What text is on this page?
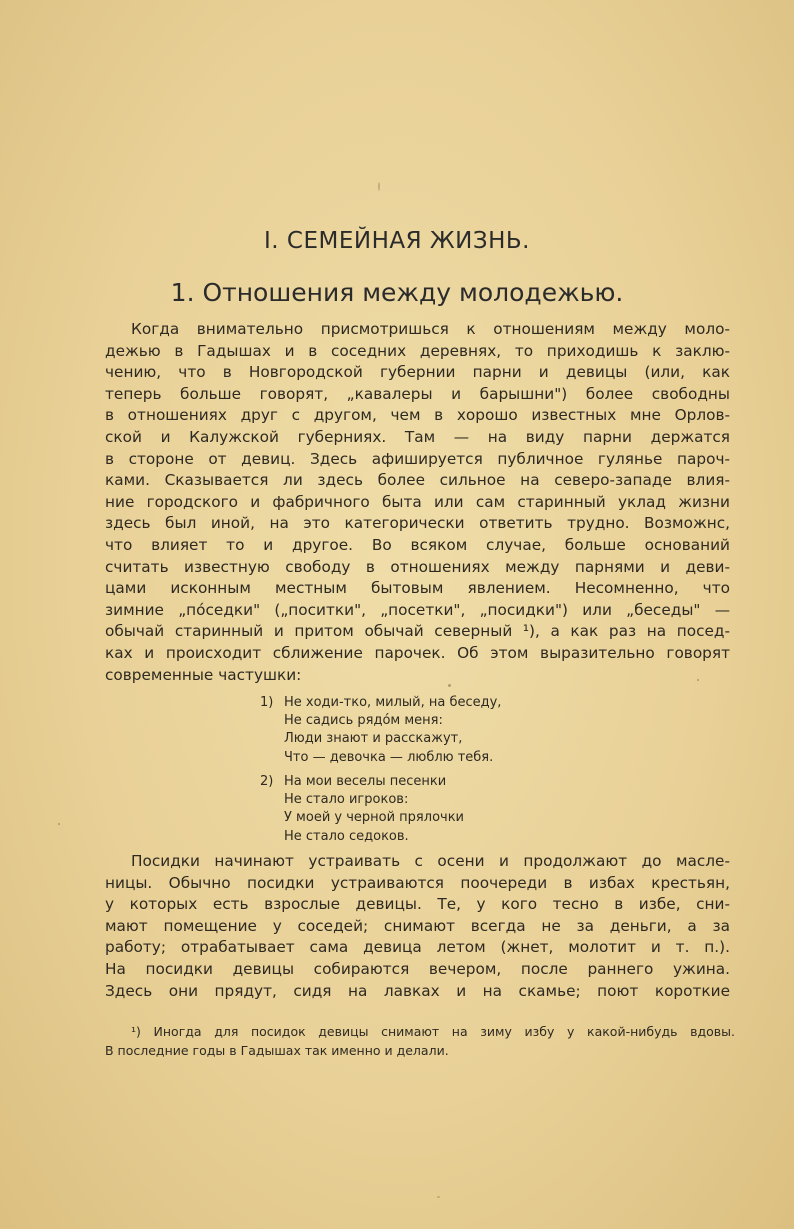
I. СЕМЕЙНАЯ ЖИЗНЬ.
1. Отношения между молодежью.
Когда внимательно присмотришься к отношениям между моло-
дежью в Гадышах и в соседних деревнях, то приходишь к заклю-
чению, что в Новгородской губернии парни и девицы (или, как
теперь больше говорят, „кавалеры и барышни") более свободны
в отношениях друг с другом, чем в хорошо известных мне Орлов-
ской и Калужской губерниях. Там — на виду парни держатся
в стороне от девиц. Здесь афишируется публичное гулянье пароч-
ками. Сказывается ли здесь более сильное на северо-западе влия-
ние городского и фабричного быта или сам старинный уклад жизни
здесь был иной, на это категорически ответить трудно. Возможнс,
что влияет то и другое. Во всяком случае, больше оснований
считать известную свободу в отношениях между парнями и деви-
цами исконным местным бытовым явлением. Несомненно, что
зимние „по́седки" („поситки", „посетки", „посидки") или „беседы" —
обычай старинный и притом обычай северный ¹), а как раз на посед-
ках и происходит сближение парочек. Об этом выразительно говорят
современные частушки:
1) Не ходи-тко, милый, на беседу,
Не садись рядо́м меня:
Люди знают и расскажут,
Что — девочка — люблю тебя.
2) На мои веселы песенки
Не стало игроков:
У моей у черной прялочки
Не стало седоков.
Посидки начинают устраивать с осени и продолжают до масле-
ницы. Обычно посидки устраиваются поочереди в избах крестьян,
у которых есть взрослые девицы. Те, у кого тесно в избе, сни-
мают помещение у соседей; снимают всегда не за деньги, а за
работу; отрабатывает сама девица летом (жнет, молотит и т. п.).
На посидки девицы собираются вечером, после раннего ужина.
Здесь они прядут, сидя на лавках и на скамье; поют короткие
¹) Иногда для посидок девицы снимают на зиму избу у какой-нибудь вдовы.
В последние годы в Гадышах так именно и делали.
